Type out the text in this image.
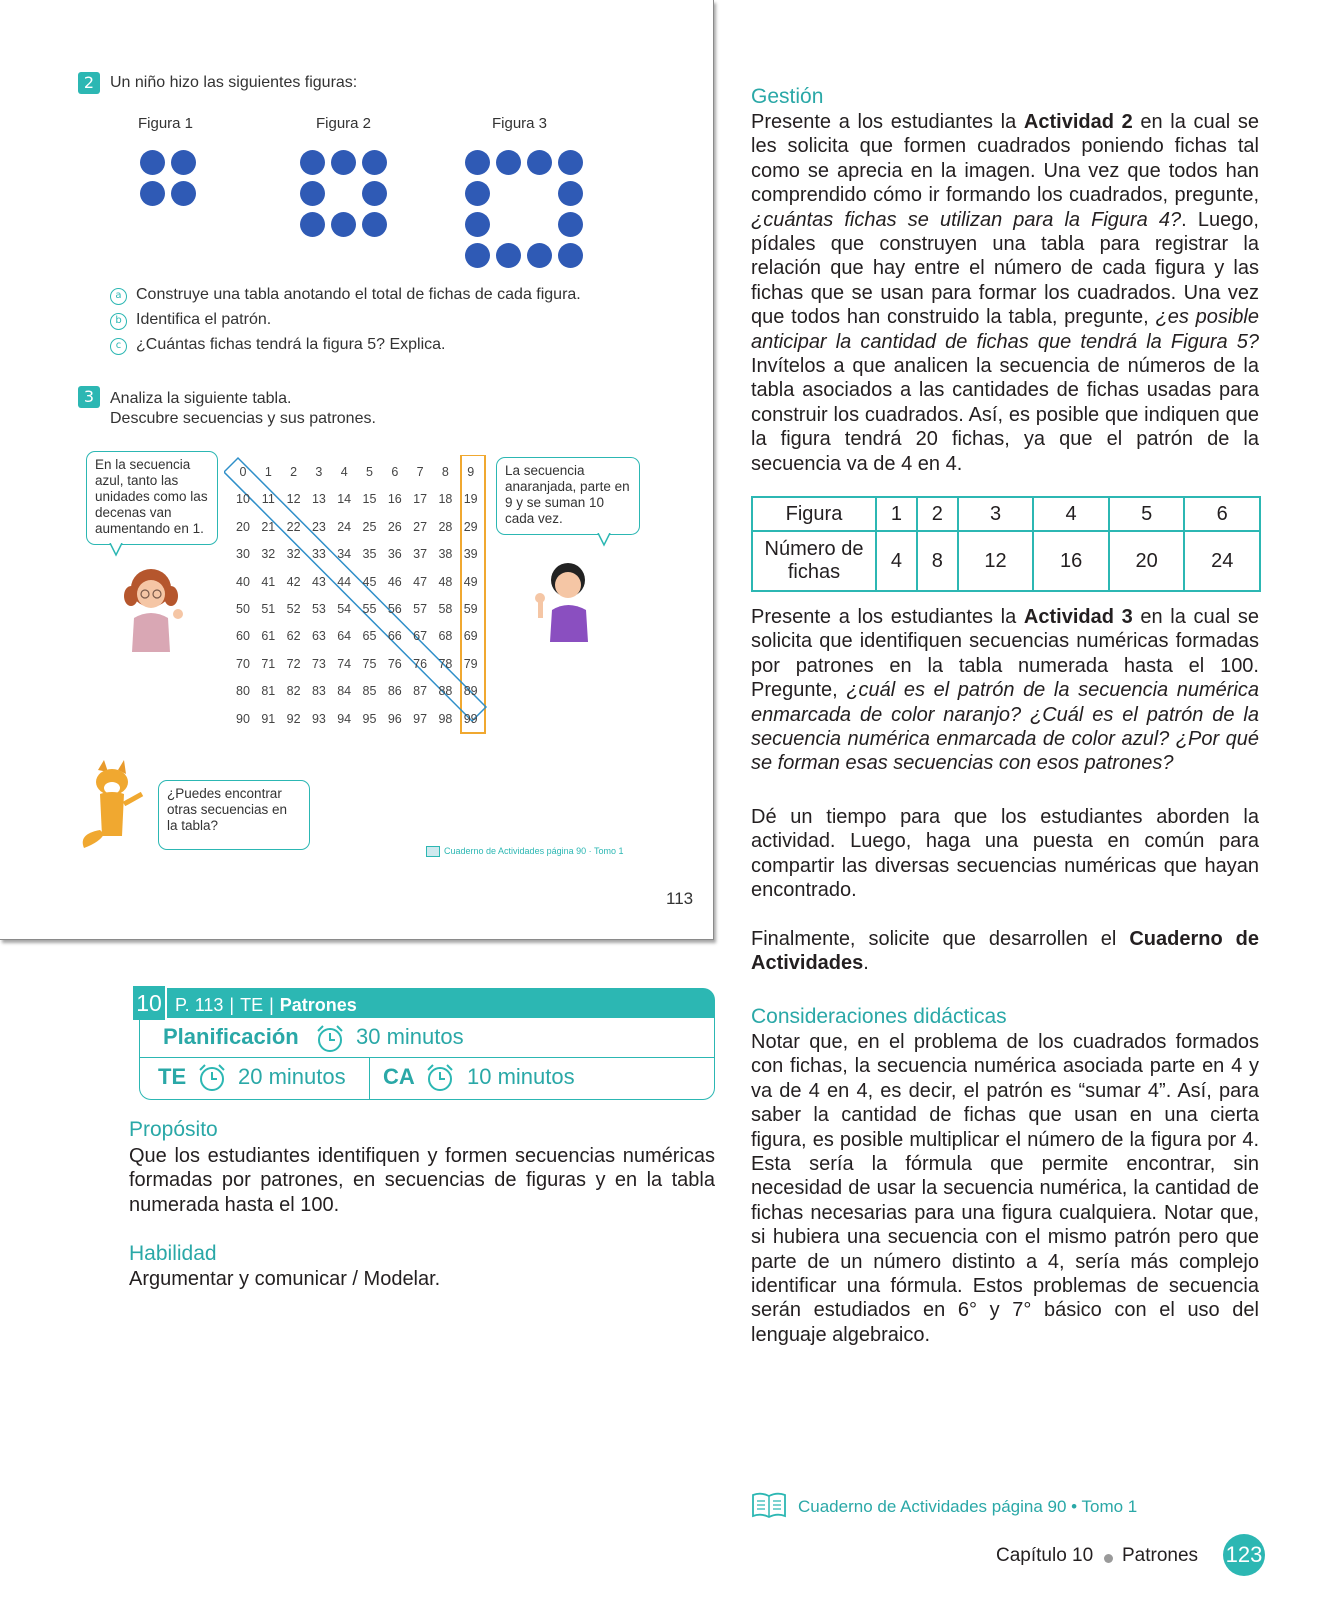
2 Un niño hizo las siguientes figuras:
Figura 1	Figura 2	Figura 3
a Construye una tabla anotando el total de fichas de cada figura.
b Identifica el patrón.
c ¿Cuántas fichas tendrá la figura 5? Explica.
3 Analiza la siguiente tabla.
Descubre secuencias y sus patrones.
En la secuencia azul, tanto las unidades como las decenas van aumentando en 1.
0	1	2	3	4	5	6	7	8	9
10 11 12 13 14 15 16 17 18 19
20 21 22 23 24 25 26 27 28 29
30 32 32 33 34 35 36 37 38 39
40 41 42 43 44 45 46 47 48 49
50 51 52 53 54 55 56 57 58 59
60 61 62 63 64 65 66 67 68 69
70 71 72 73 74 75 76 76 78 79
80 81 82 83 84 85 86 87 88 89
90 91 92 93 94 95 96 97 98 99
La secuencia anaranjada, parte en 9 y se suman 10 cada vez.
¿Puedes encontrar otras secuencias en la tabla?
Cuaderno de Actividades página 90 · Tomo 1
113
10 P. 113 | TE | Patrones
Planificación	30 minutos
TE 20 minutos CA 10 minutos
Propósito
Que los estudiantes identifiquen y formen secuencias numéricas formadas por patrones, en secuencias de figuras y en la tabla numerada hasta el 100.
Habilidad
Argumentar y comunicar / Modelar.
Gestión
Presente a los estudiantes la Actividad 2 en la cual se les solicita que formen cuadrados poniendo fichas tal como se aprecia en la imagen. Una vez que todos han comprendido cómo ir formando los cuadrados, pregunte, ¿cuántas fichas se utilizan para la Figura 4?. Luego, pídales que construyen una tabla para registrar la relación que hay entre el número de cada figura y las fichas que se usan para formar los cuadrados. Una vez que todos han construido la tabla, pregunte, ¿es posible anticipar la cantidad de fichas que tendrá la Figura 5? Invítelos a que analicen la secuencia de números de la tabla asociados a las cantidades de fichas usadas para construir los cuadrados. Así, es posible que indiquen que la figura tendrá 20 fichas, ya que el patrón de la secuencia va de 4 en 4.
Figura	1	2	3	4	5	6
Número de fichas	4	8	12	16	20	24
Presente a los estudiantes la Actividad 3 en la cual se solicita que identifiquen secuencias numéricas formadas por patrones en la tabla numerada hasta el 100. Pregunte, ¿cuál es el patrón de la secuencia numérica enmarcada de color naranjo? ¿Cuál es el patrón de la secuencia numérica enmarcada de color azul? ¿Por qué se forman esas secuencias con esos patrones?
Dé un tiempo para que los estudiantes aborden la actividad. Luego, haga una puesta en común para compartir las diversas secuencias numéricas que hayan encontrado.
Finalmente, solicite que desarrollen el Cuaderno de Actividades.
Consideraciones didácticas
Notar que, en el problema de los cuadrados formados con fichas, la secuencia numérica asociada parte en 4 y va de 4 en 4, es decir, el patrón es “sumar 4”. Así, para saber la cantidad de fichas que usan en una cierta figura, es posible multiplicar el número de la figura por 4. Esta sería la fórmula que permite encontrar, sin necesidad de usar la secuencia numérica, la cantidad de fichas necesarias para una figura cualquiera. Notar que, si hubiera una secuencia con el mismo patrón pero que parte de un número distinto a 4, sería más complejo identificar una fórmula. Estos problemas de secuencia serán estudiados en 6° y 7° básico con el uso del lenguaje algebraico.
Cuaderno de Actividades página 90 • Tomo 1
Capítulo 10 Patrones 123
